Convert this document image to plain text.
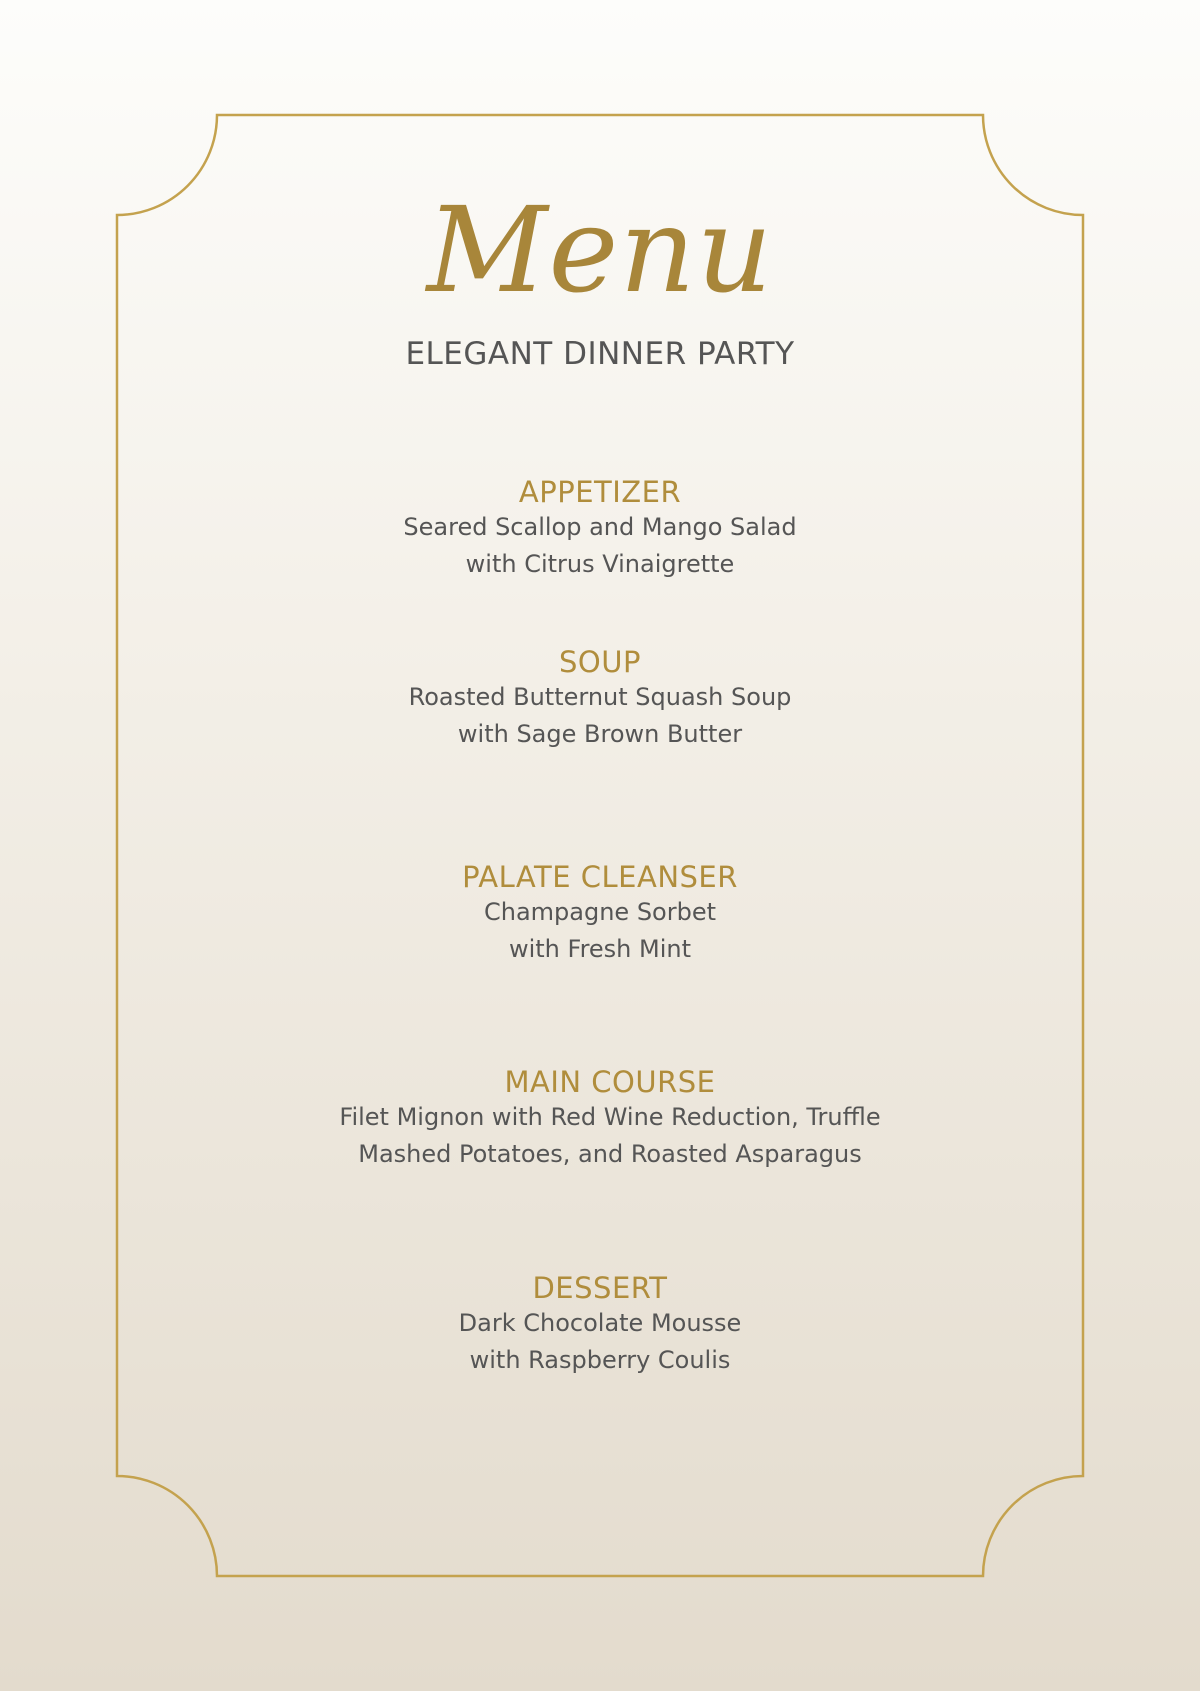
Menu
ELEGANT DINNER PARTY
APPETIZER
Seared Scallop and Mango Salad
with Citrus Vinaigrette
SOUP
Roasted Butternut Squash Soup
with Sage Brown Butter
PALATE CLEANSER
Champagne Sorbet
with Fresh Mint
MAIN COURSE
Filet Mignon with Red Wine Reduction, Truffle
Mashed Potatoes, and Roasted Asparagus
DESSERT
Dark Chocolate Mousse
with Raspberry Coulis
